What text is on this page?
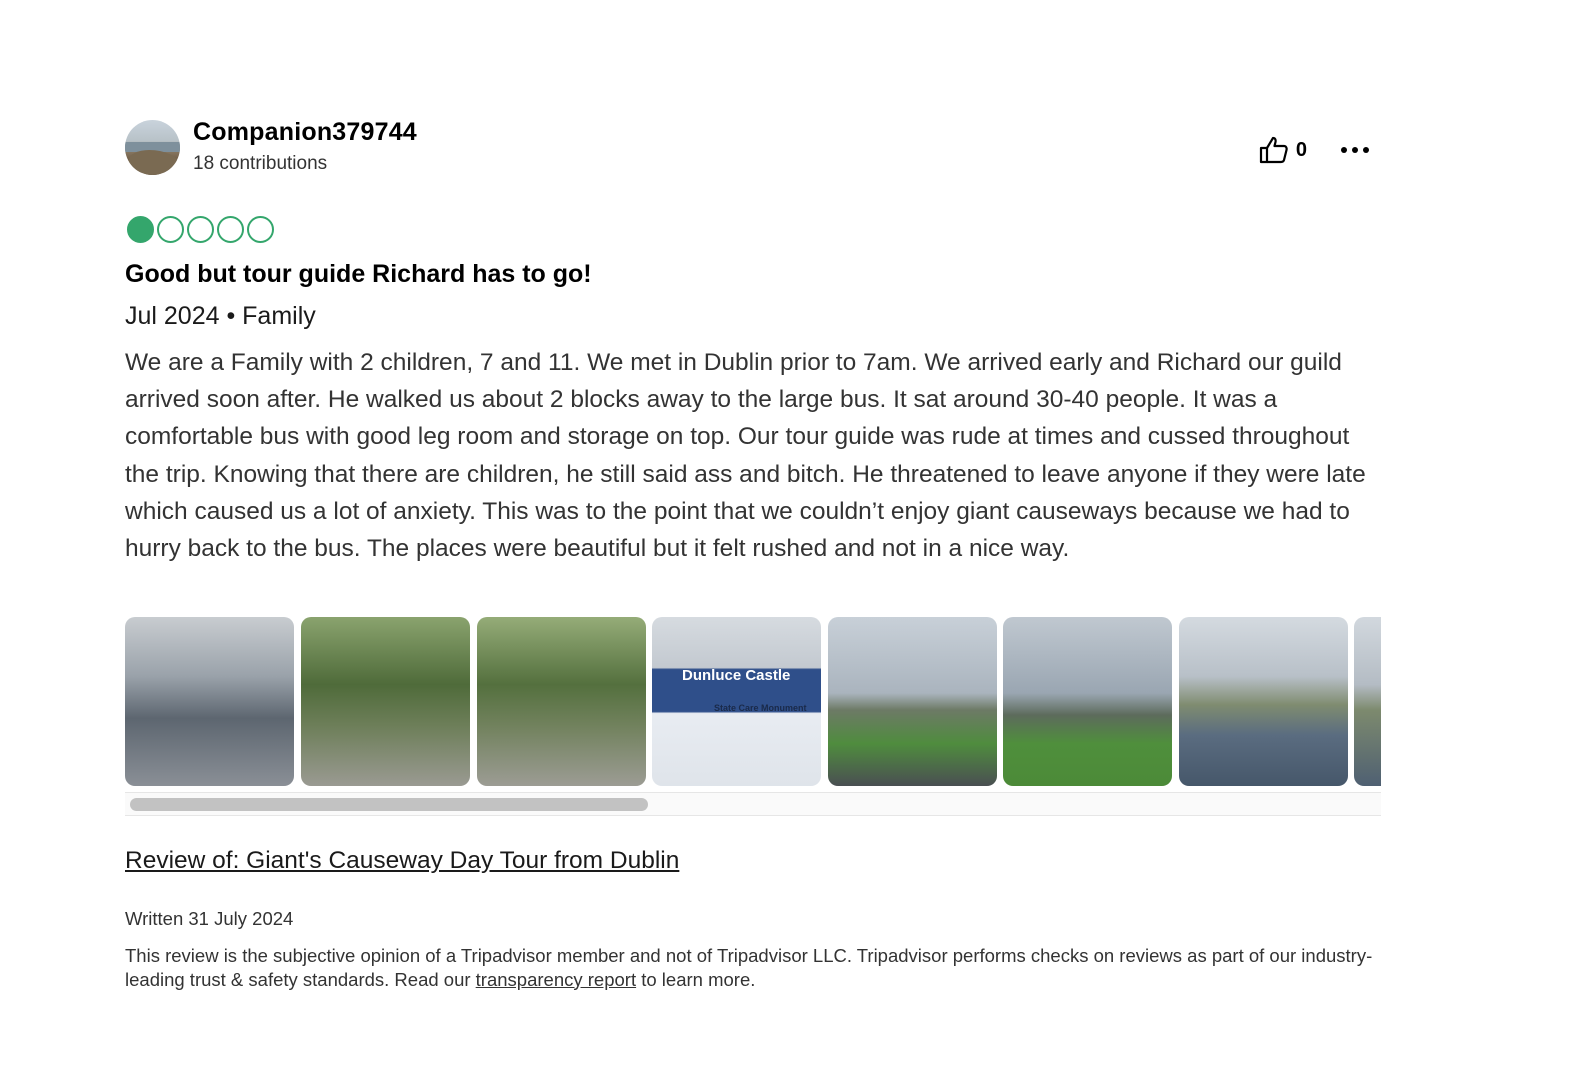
Companion379744
18 contributions
0
Good but tour guide Richard has to go!
Jul 2024 • Family
We are a Family with 2 children, 7 and 11. We met in Dublin prior to 7am. We arrived early and Richard our guild arrived soon after. He walked us about 2 blocks away to the large bus. It sat around 30-40 people. It was a comfortable bus with good leg room and storage on top. Our tour guide was rude at times and cussed throughout the trip. Knowing that there are children, he still said ass and bitch. He threatened to leave anyone if they were late which caused us a lot of anxiety. This was to the point that we couldn’t enjoy giant causeways because we had to hurry back to the bus. The places were beautiful but it felt rushed and not in a nice way.
Dunluce Castle
State Care Monument
Review of: Giant's Causeway Day Tour from Dublin
Written 31 July 2024
This review is the subjective opinion of a Tripadvisor member and not of Tripadvisor LLC. Tripadvisor performs checks on reviews as part of our industry-leading trust & safety standards. Read our transparency report to learn more.
